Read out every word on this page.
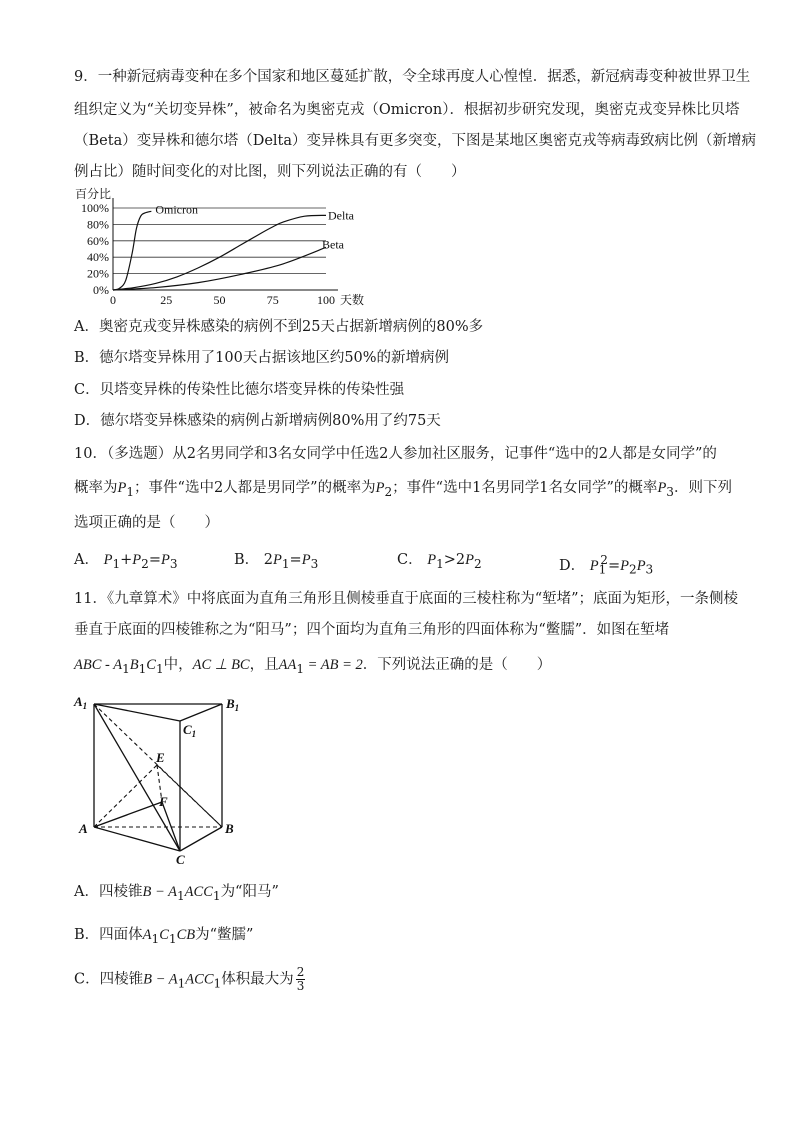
9．一种新冠病毒变种在多个国家和地区蔓延扩散，令全球再度人心惶惶．据悉，新冠病毒变种被世界卫生
组织定义为“关切变异株”，被命名为奥密克戎（Omicron）．根据初步研究发现，奥密克戎变异株比贝塔
（Beta）变异株和德尔塔（Delta）变异株具有更多突变，下图是某地区奥密克戎等病毒致病比例（新增病
例占比）随时间变化的对比图，则下列说法正确的有（　　）
0%
20%
40%
60%
80%
100%
0	25	50	75	100
百分比
天数
Omicron	Delta
Beta
A．奥密克戎变异株感染的病例不到25天占据新增病例的80%多
B．德尔塔变异株用了100天占据该地区约50%的新增病例
C．贝塔变异株的传染性比德尔塔变异株的传染性强
D．德尔塔变异株感染的病例占新增病例80%用了约75天
10．（多选题）从2名男同学和3名女同学中任选2人参加社区服务，记事件“选中的2人都是女同学”的
概率为$P_1$；事件“选中2人都是男同学”的概率为$P_2$；事件“选中1名男同学1名女同学”的概率$P_3$．则下列
选项正确的是（　　）
A． $P_1+P_2=P_3$	B． $2P_1=P_3$	C． $P_1>2P_2$	D． $P_1^2=P_2P_3$
11．《九章算术》中将底面为直角三角形且侧棱垂直于底面的三棱柱称为“堑堵”；底面为矩形，一条侧棱
垂直于底面的四棱锥称之为“阳马”；四个面均为直角三角形的四面体称为“鳖臑”．如图在堑堵
ABC - $A_1B_1C_1$中，AC ⊥ BC，且$AA_1$ = AB = 2．下列说法正确的是（　　）
$A_1$	$B_1$
$C_1$
E
F
A	B
C
A．四棱锥$B - A_1ACC_1$为“阳马”
B．四面体$A_1C_1CB$为“鳖臑”
C．四棱锥$B - A_1ACC_1$体积最大为 $\frac{2}{3}$
